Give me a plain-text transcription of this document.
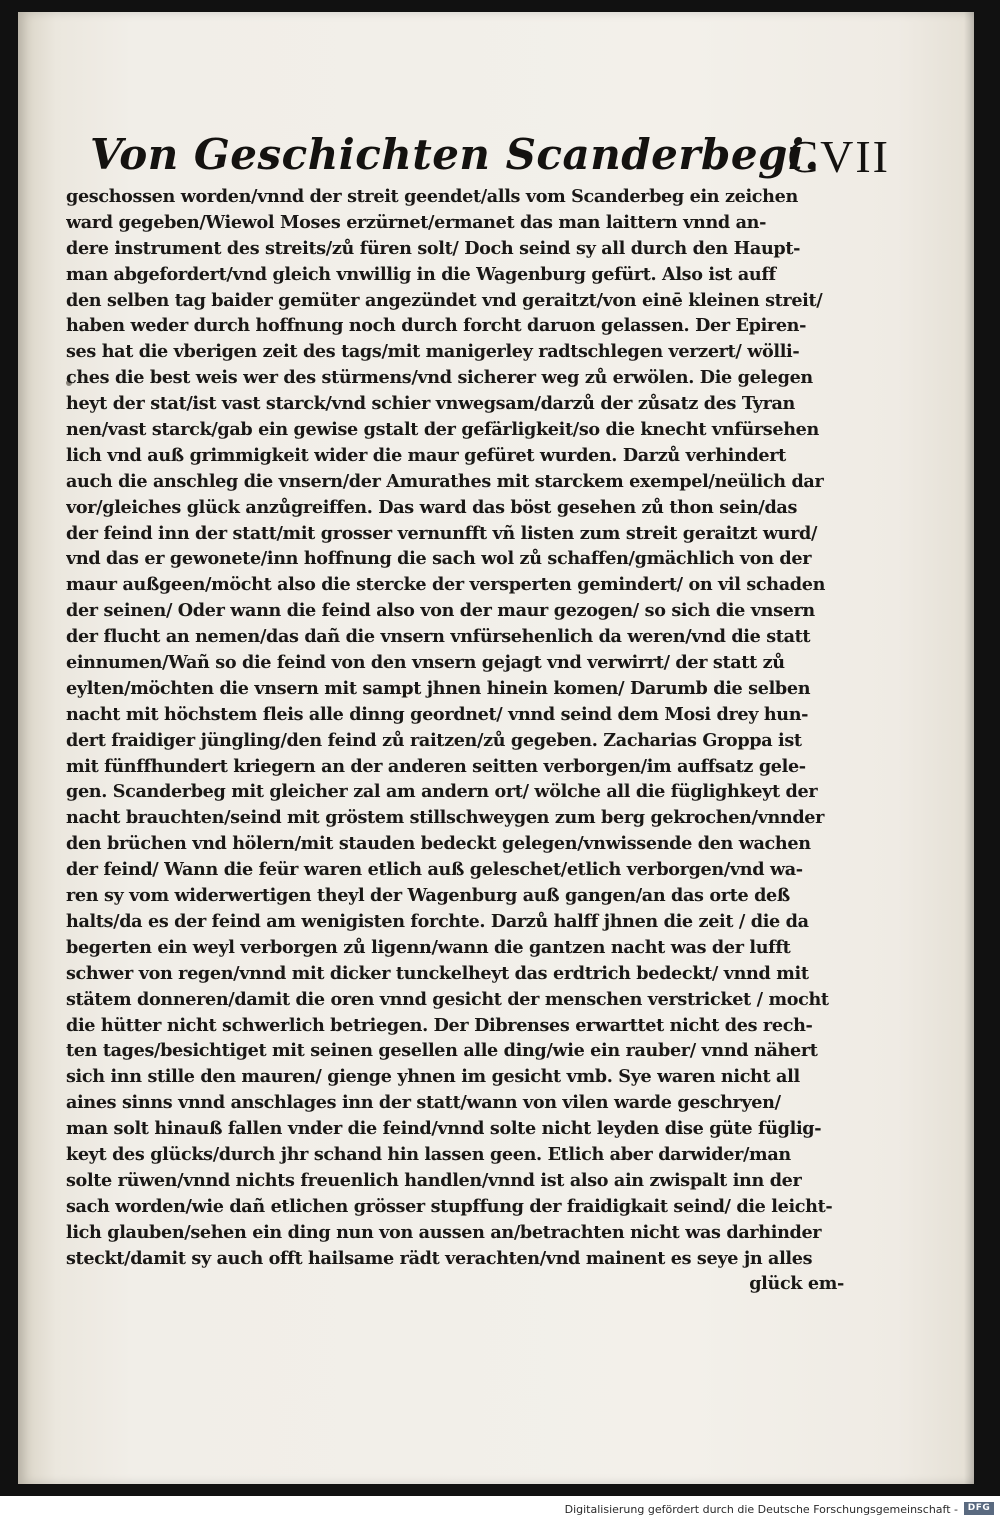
Von Geschichten Scanderbegi.
CVII
geschossen worden/vnnd der streit geendet/alls vom Scanderbeg ein zeichen
ward gegeben/Wiewol Moses erzürnet/ermanet das man laittern vnnd an-
dere instrument des streits/zů füren solt/ Doch seind sy all durch den Haupt-
man abgefordert/vnd gleich vnwillig in die Wagenburg gefürt. Also ist auff
den selben tag baider gemüter angezündet vnd geraitzt/von einē kleinen streit/
haben weder durch hoffnung noch durch forcht daruon gelassen. Der Epiren-
ses hat die vberigen zeit des tags/mit manigerley radtschlegen verzert/ wölli-
ches die best weis wer des stürmens/vnd sicherer weg zů erwölen. Die gelegen
heyt der stat/ist vast starck/vnd schier vnwegsam/darzů der zůsatz des Tyran
nen/vast starck/gab ein gewise gstalt der gefärligkeit/so die knecht vnfürsehen
lich vnd auß grimmigkeit wider die maur gefüret wurden. Darzů verhindert
auch die anschleg die vnsern/der Amurathes mit starckem exempel/neülich dar
vor/gleiches glück anzůgreiffen. Das ward das böst gesehen zů thon sein/das
der feind inn der statt/mit grosser vernunfft vñ listen zum streit geraitzt wurd/
vnd das er gewonete/inn hoffnung die sach wol zů schaffen/gmächlich von der
maur außgeen/möcht also die stercke der versperten gemindert/ on vil schaden
der seinen/ Oder wann die feind also von der maur gezogen/ so sich die vnsern
der flucht an nemen/das dañ die vnsern vnfürsehenlich da weren/vnd die statt
einnumen/Wañ so die feind von den vnsern gejagt vnd verwirrt/ der statt zů
eylten/möchten die vnsern mit sampt jhnen hinein komen/ Darumb die selben
nacht mit höchstem fleis alle dinng geordnet/ vnnd seind dem Mosi drey hun-
dert fraidiger jüngling/den feind zů raitzen/zů gegeben. Zacharias Groppa ist
mit fünffhundert kriegern an der anderen seitten verborgen/im auffsatz gele-
gen. Scanderbeg mit gleicher zal am andern ort/ wölche all die füglighkeyt der
nacht brauchten/seind mit gröstem stillschweygen zum berg gekrochen/vnnder
den brüchen vnd hölern/mit stauden bedeckt gelegen/vnwissende den wachen
der feind/ Wann die feür waren etlich auß geleschet/etlich verborgen/vnd wa-
ren sy vom widerwertigen theyl der Wagenburg auß gangen/an das orte deß
halts/da es der feind am wenigisten forchte. Darzů halff jhnen die zeit / die da
begerten ein weyl verborgen zů ligenn/wann die gantzen nacht was der lufft
schwer von regen/vnnd mit dicker tunckelheyt das erdtrich bedeckt/ vnnd mit
stätem donneren/damit die oren vnnd gesicht der menschen verstricket / mocht
die hütter nicht schwerlich betriegen. Der Dibrenses erwarttet nicht des rech-
ten tages/besichtiget mit seinen gesellen alle ding/wie ein rauber/ vnnd nähert
sich inn stille den mauren/ gienge yhnen im gesicht vmb. Sye waren nicht all
aines sinns vnnd anschlages inn der statt/wann von vilen warde geschryen/
man solt hinauß fallen vnder die feind/vnnd solte nicht leyden dise güte füglig-
keyt des glücks/durch jhr schand hin lassen geen. Etlich aber darwider/man
solte rüwen/vnnd nichts freuenlich handlen/vnnd ist also ain zwispalt inn der
sach worden/wie dañ etlichen grösser stupffung der fraidigkait seind/ die leicht-
lich glauben/sehen ein ding nun von aussen an/betrachten nicht was darhinder
steckt/damit sy auch offt hailsame rädt verachten/vnd mainent es seye jn alles
glück em-
Digitalisierung gefördert durch die Deutsche Forschungsgemeinschaft -	DFG
